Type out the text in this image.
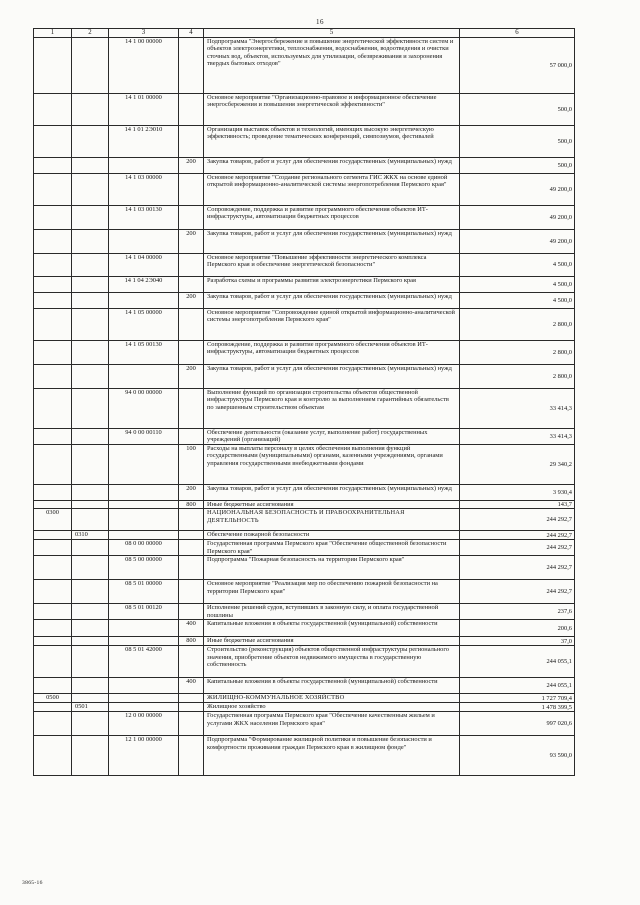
16
1	2	3	4	5	6
		14 1 00 00000		Подпрограмма "Энергосбережение и повышение энергетической эффективности систем и объектов электроэнергетики, теплоснабжения, водоснабжения, водоотведения и очистки сточных вод, объектов, используемых для утилизации, обезвреживания и захоронения твердых бытовых отходов"	57 000,0
		14 1 01 00000		Основное мероприятие "Организационно-правовое и информационное обеспечение энергосбережения и повышения энергетической эффективности"	500,0
		14 1 01 2Э010		Организация выставок объектов и технологий, имеющих высокую энергетическую эффективность; проведение тематических конференций, симпозиумов, фестивалей	500,0
			200	Закупка товаров, работ и услуг для обеспечения государственных (муниципальных) нужд	500,0
		14 1 03 00000		Основное мероприятие "Создание регионального сегмента ГИС ЖКХ на основе единой открытой информационно-аналитической системы энергопотребления Пермского края"	49 200,0
		14 1 03 00130		Сопровождение, поддержка и развитие программного обеспечения объектов ИТ-инфраструктуры, автоматизации бюджетных процессов	49 200,0
			200	Закупка товаров, работ и услуг для обеспечения государственных (муниципальных) нужд	49 200,0
		14 1 04 00000		Основное мероприятие "Повышение эффективности энергетического комплекса Пермского края и обеспечение энергетической безопасности"	4 500,0
		14 1 04 2Э040		Разработка схемы и программы развития электроэнергетики Пермского края	4 500,0
			200	Закупка товаров, работ и услуг для обеспечения государственных (муниципальных) нужд	4 500,0
		14 1 05 00000		Основное мероприятие "Сопровождение единой открытой информационно-аналитической системы энергопотребления Пермского края"	2 800,0
		14 1 05 00130		Сопровождение, поддержка и развитие программного обеспечения объектов ИТ-инфраструктуры, автоматизации бюджетных процессов	2 800,0
			200	Закупка товаров, работ и услуг для обеспечения государственных (муниципальных) нужд	2 800,0
		94 0 00 00000		Выполнение функций по организации строительства объектов общественной инфраструктуры Пермского края и контролю за выполнением гарантийных обязательств по завершенным строительством объектам	33 414,3
		94 0 00 00110		Обеспечение деятельности (оказание услуг, выполнение работ) государственных учреждений (организаций)	33 414,3
			100	Расходы на выплаты персоналу в целях обеспечения выполнения функций государственными (муниципальными) органами, казенными учреждениями, органами управления государственными внебюджетными фондами	29 340,2
			200	Закупка товаров, работ и услуг для обеспечения государственных (муниципальных) нужд	3 930,4
			800	Иные бюджетные ассигнования	143,7
0300				НАЦИОНАЛЬНАЯ БЕЗОПАСНОСТЬ И ПРАВООХРАНИТЕЛЬНАЯ ДЕЯТЕЛЬНОСТЬ	244 292,7
	0310			Обеспечение пожарной безопасности	244 292,7
		08 0 00 00000		Государственная программа Пермского края "Обеспечение общественной безопасности Пермского края"	244 292,7
		08 5 00 00000		Подпрограмма "Пожарная безопасность на территории Пермского края"	244 292,7
		08 5 01 00000		Основное мероприятие "Реализация мер по обеспечению пожарной безопасности на территории Пермского края"	244 292,7
		08 5 01 00120		Исполнение решений судов, вступивших в законную силу, и оплата государственной пошлины	237,6
			400	Капитальные вложения в объекты государственной (муниципальной) собственности	200,6
			800	Иные бюджетные ассигнования	37,0
		08 5 01 42000		Строительство (реконструкция) объектов общественной инфраструктуры регионального значения, приобретение объектов недвижимого имущества в государственную собственность	244 055,1
			400	Капитальные вложения в объекты государственной (муниципальной) собственности	244 055,1
0500				ЖИЛИЩНО-КОММУНАЛЬНОЕ ХОЗЯЙСТВО	1 727 709,4
	0501			Жилищное хозяйство	1 478 399,5
		12 0 00 00000		Государственная программа Пермского края "Обеспечение качественным жильем и услугами ЖКХ населения Пермского края"	997 020,6
		12 1 00 00000		Подпрограмма "Формирование жилищной политики и повышение безопасности и комфортности проживания граждан Пермского края в жилищном фонде"	93 590,0
3865-16
